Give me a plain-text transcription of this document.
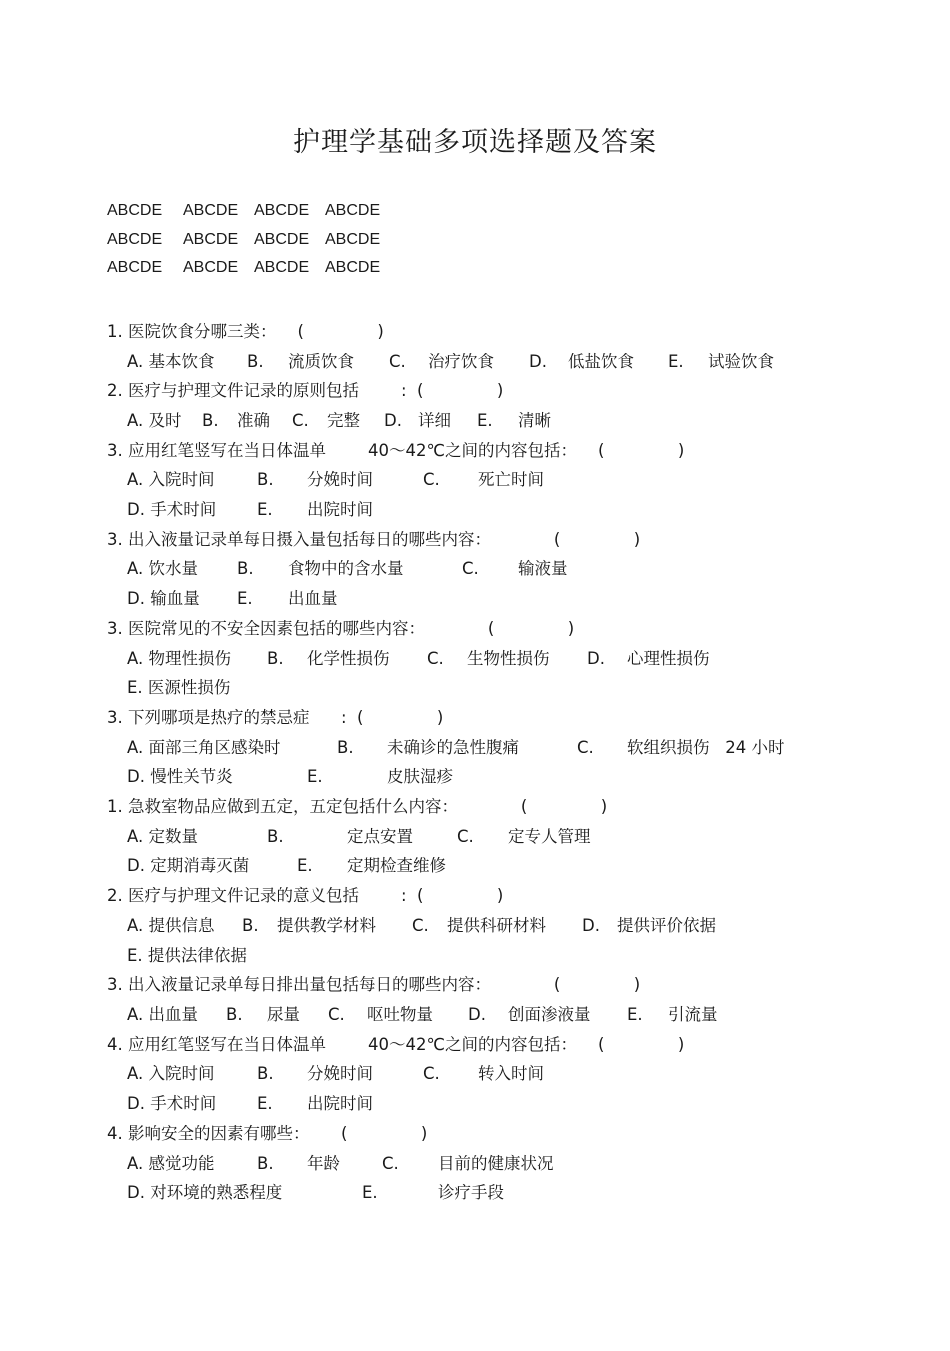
护理学基础多项选择题及答案
ABCDE ABCDE ABCDE ABCDE
ABCDE ABCDE ABCDE ABCDE
ABCDE ABCDE ABCDE ABCDE
1. 医院饮食分哪三类：    (              )
A. 基本饮食 B. 流质饮食 C. 治疗饮食 D. 低盐饮食 E. 试验饮食
2. 医疗与护理文件记录的原则包括        :  (              )
A. 及时 B. 准确 C. 完整 D. 详细 E. 清晰
3. 应用红笔竖写在当日体温单        40～42℃之间的内容包括：    (              )
A. 入院时间	B. 分娩时间	C. 死亡时间
D. 手术时间 E. 出院时间
3. 出入液量记录单每日摄入量包括每日的哪些内容：            (              )
A. 饮水量 B. 食物中的含水量	C. 输液量
D. 输血量 E. 出血量
3. 医院常见的不安全因素包括的哪些内容：            (              )
A. 物理性损伤 B. 化学性损伤 C. 生物性损伤 D. 心理性损伤
E. 医源性损伤
3. 下列哪项是热疗的禁忌症      :  (              )
A. 面部三角区感染时	B. 未确诊的急性腹痛	C. 软组织损伤   24 小时
D. 慢性关节炎	E.	皮肤湿疹
1. 急救室物品应做到五定，五定包括什么内容：            (              )
A. 定数量	B.	定点安置	C. 定专人管理
D. 定期消毒灭菌	E. 定期检查维修
2. 医疗与护理文件记录的意义包括        :  (              )
A. 提供信息 B. 提供教学材料 C. 提供科研材料 D. 提供评价依据
E. 提供法律依据
3. 出入液量记录单每日排出量包括每日的哪些内容：            (              )
A. 出血量 B. 尿量 C. 呕吐物量 D. 创面渗液量 E. 引流量
4. 应用红笔竖写在当日体温单        40～42℃之间的内容包括：    (              )
A. 入院时间	B. 分娩时间	C. 转入时间
D. 手术时间 E. 出院时间
4. 影响安全的因素有哪些：      (              )
A. 感觉功能	B. 年龄	C. 目前的健康状况
D. 对环境的熟悉程度	E.	诊疗手段
